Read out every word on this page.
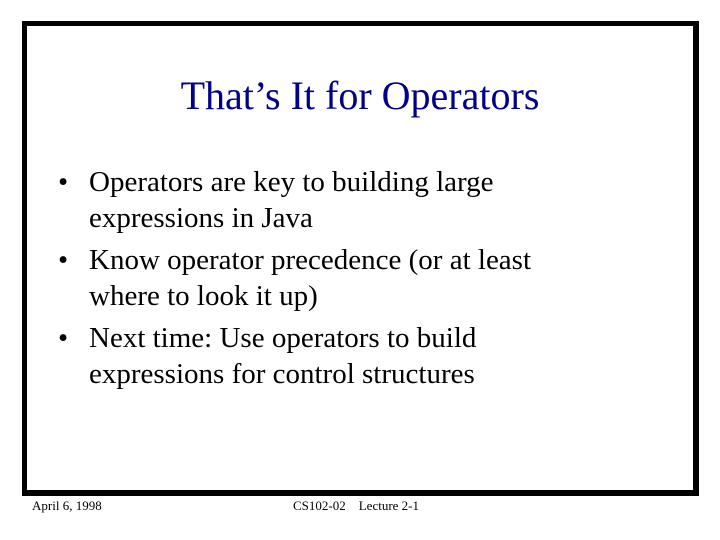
That’s It for Operators
• Operators are key to building large
expressions in Java
• Know operator precedence (or at least
where to look it up)
• Next time: Use operators to build
expressions for control structures
April 6, 1998	CS102-02    Lecture 2-1
